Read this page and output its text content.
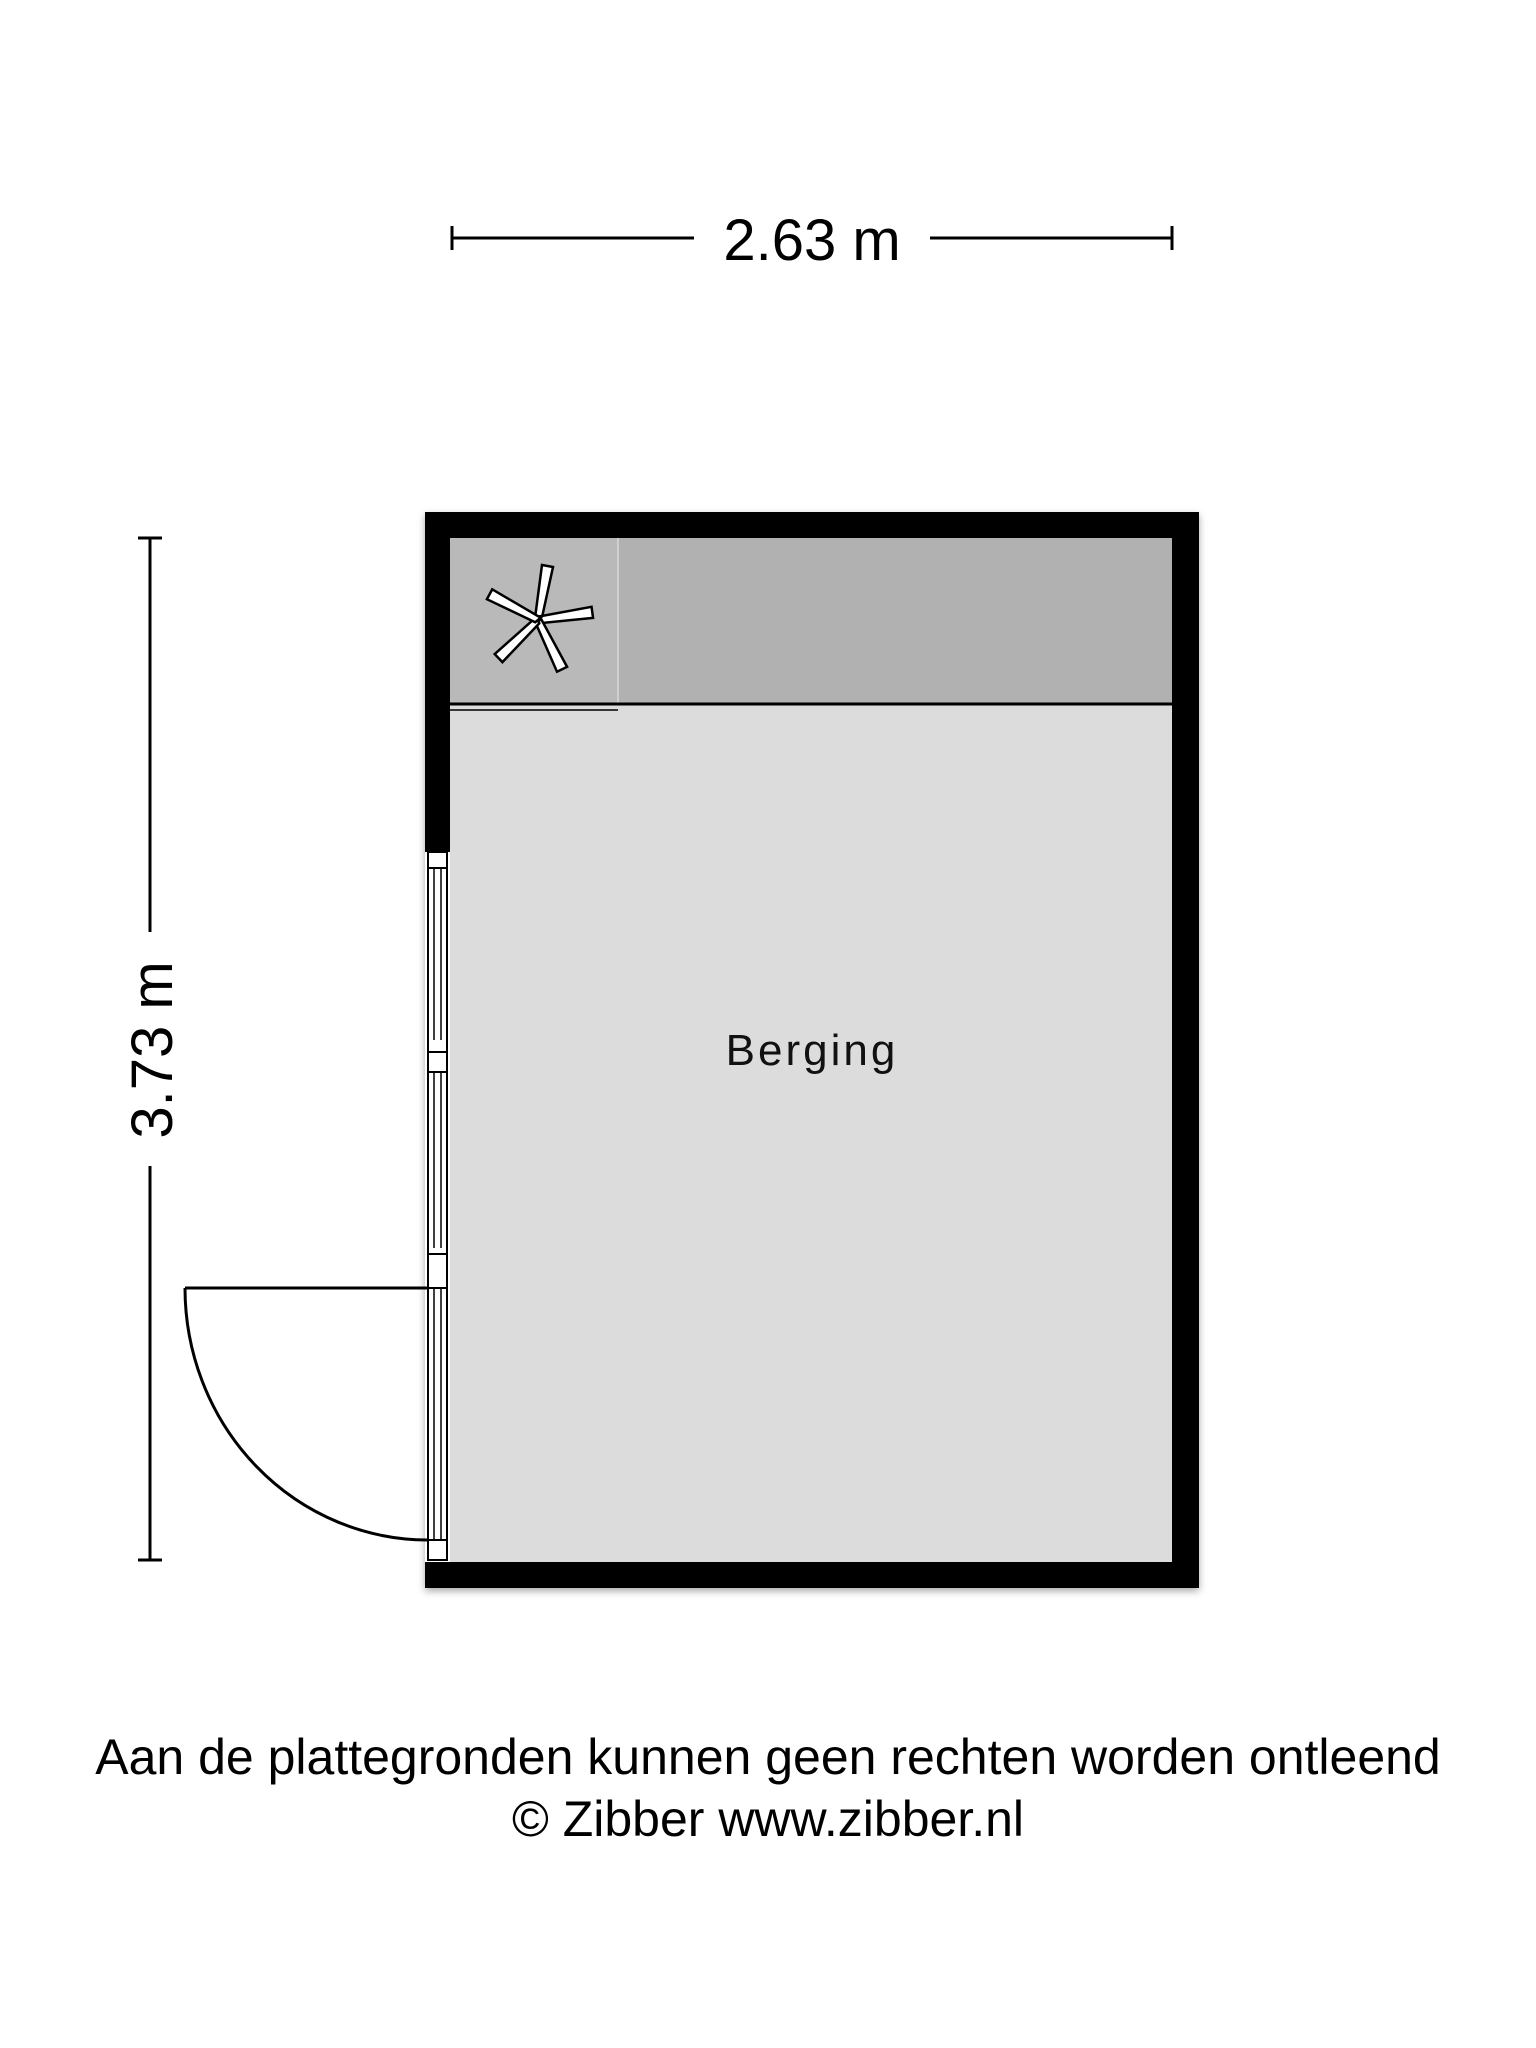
2.63 m
3.73 m	Berging
Aan de plattegronden kunnen geen rechten worden ontleend
© Zibber www.zibber.nl
